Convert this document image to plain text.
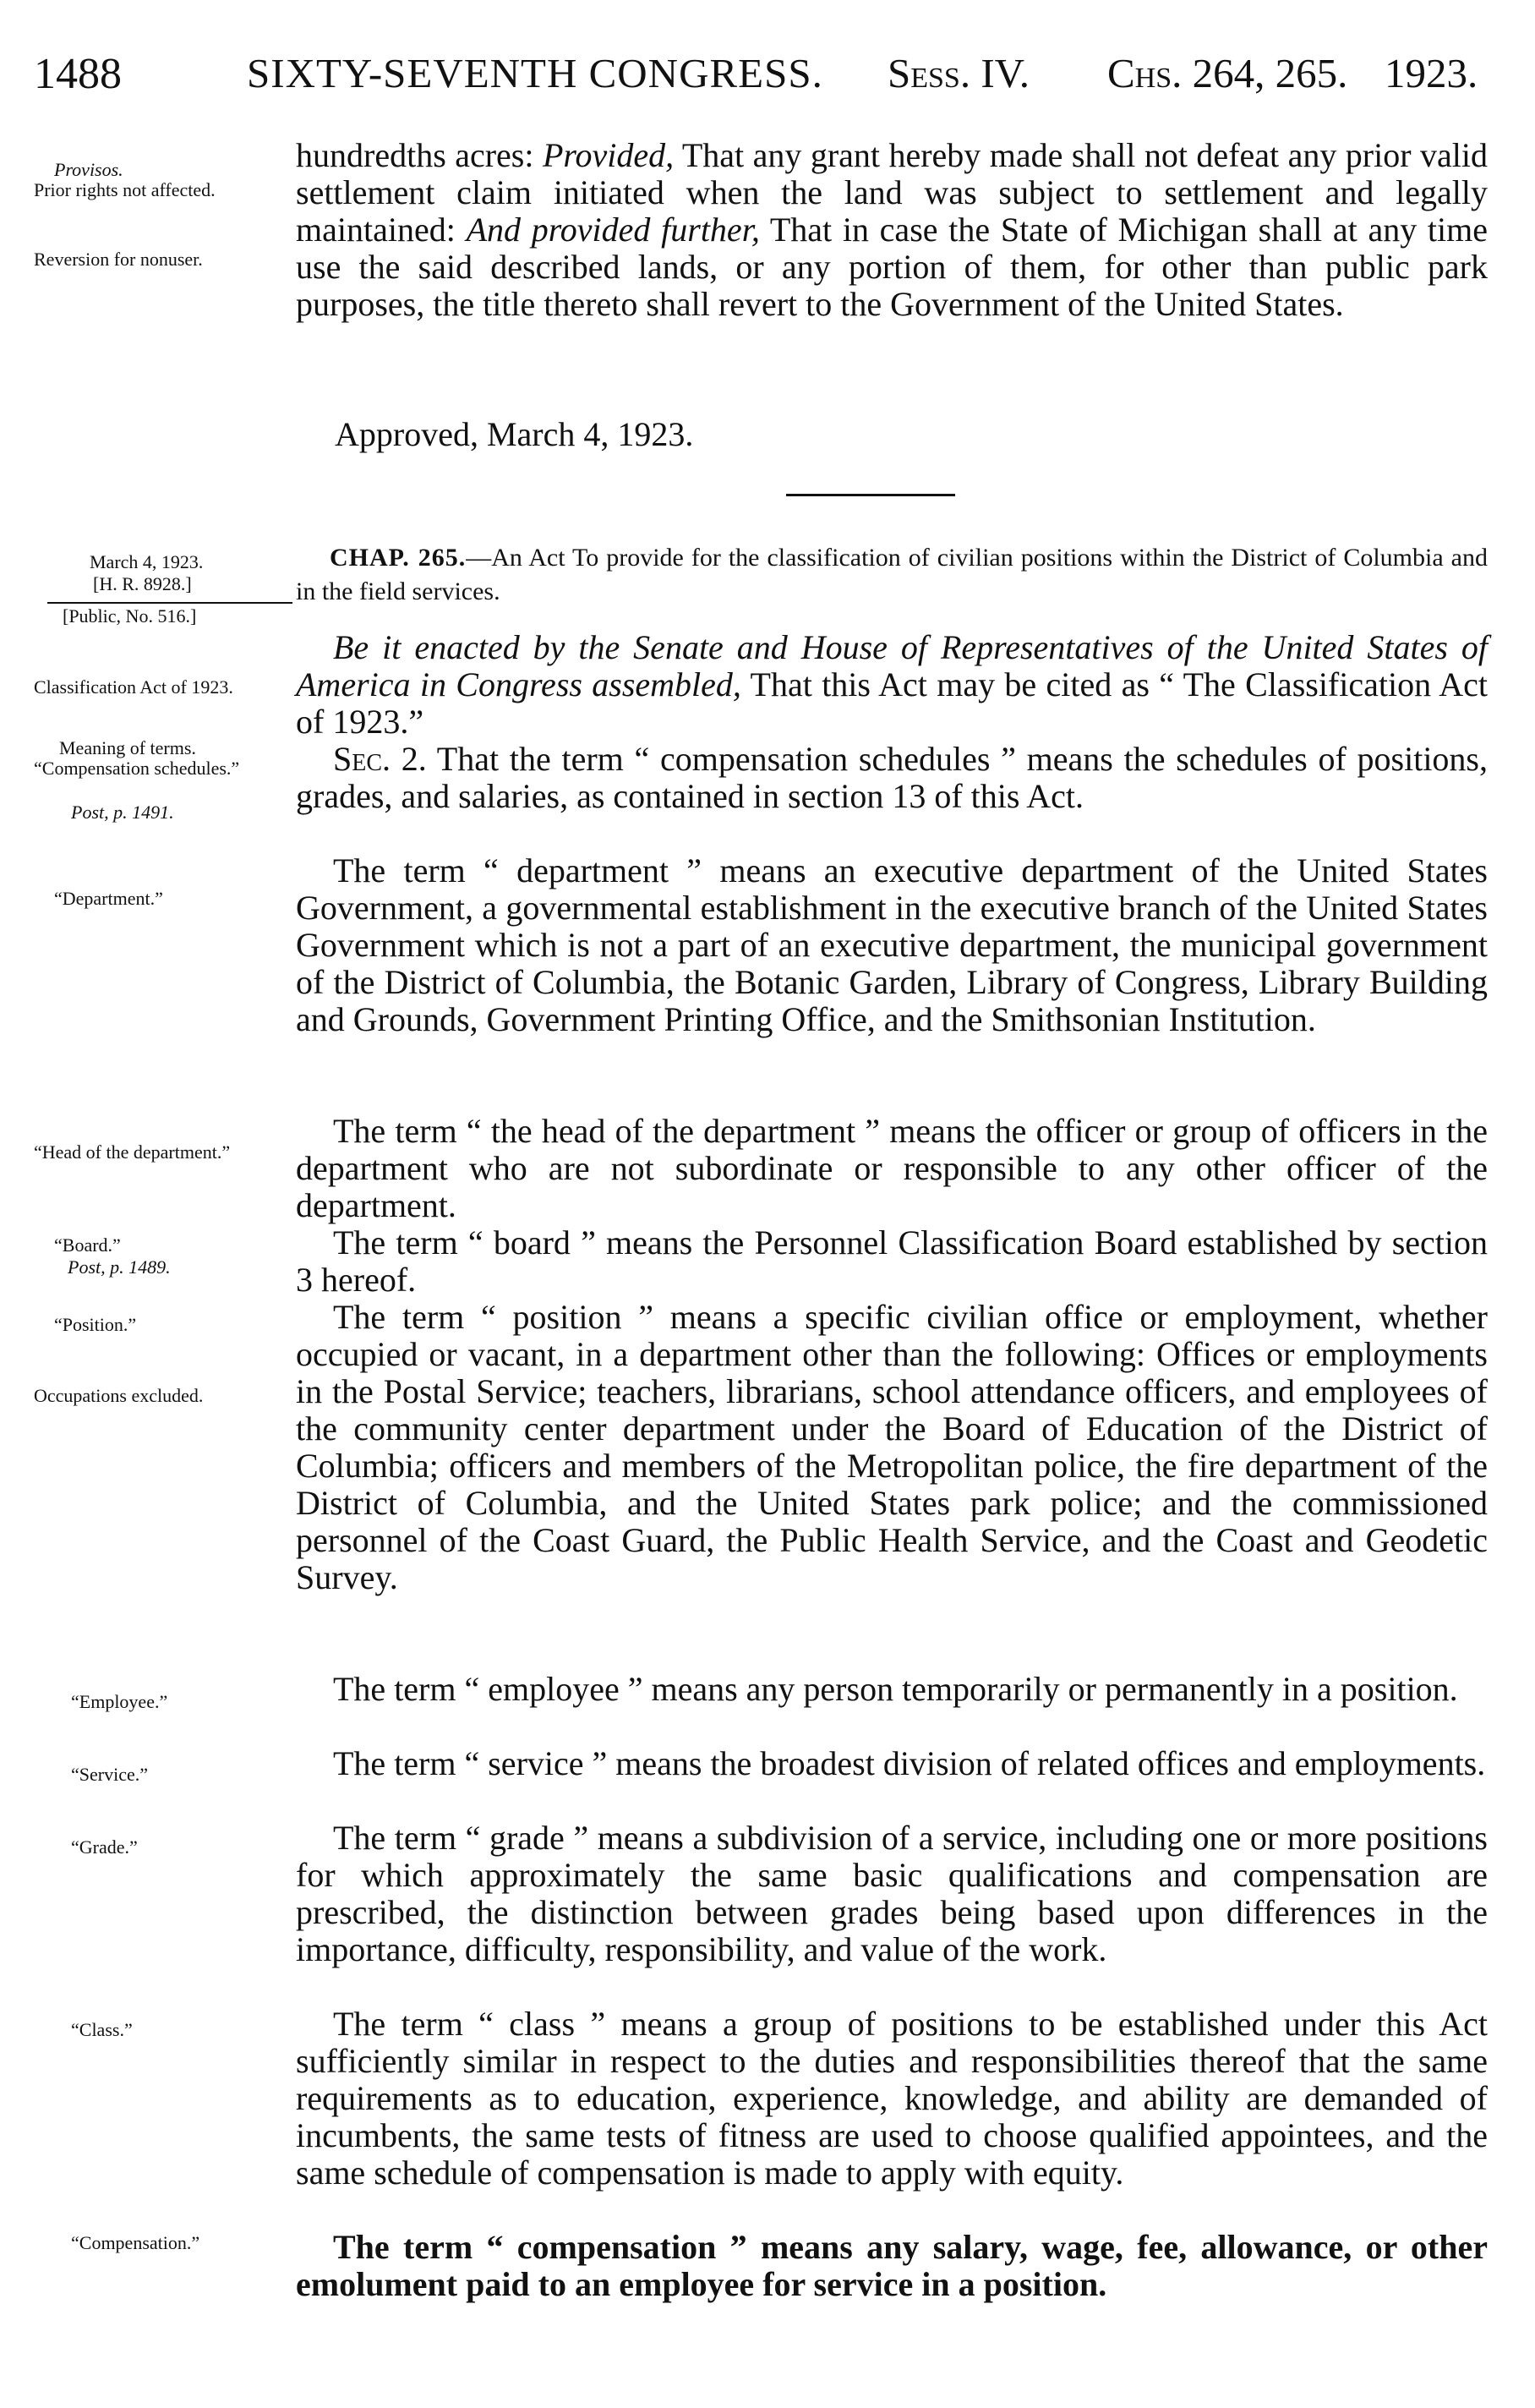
1488	SIXTY-SEVENTH CONGRESS. Sess. IV. Chs. 264, 265. 1923.
Provisos.
Prior rights not affected.
Reversion for nonuser.
March 4, 1923.
[H. R. 8928.]
[Public, No. 516.]
Classification Act of 1923.
Meaning of terms.
“Compensation schedules.”
Post, p. 1491.
“Department.”
“Head of the department.”
“Board.”
Post, p. 1489.
“Position.”
Occupations excluded.
“Employee.”
“Service.”
“Grade.”
“Class.”
“Compensation.”
hundredths acres: Provided, That any grant hereby made shall not defeat any prior valid settlement claim initiated when the land was subject to settlement and legally maintained: And provided further, That in case the State of Michigan shall at any time use the said described lands, or any portion of them, for other than public park purposes, the title thereto shall revert to the Government of the United States.
Approved, March 4, 1923.
CHAP. 265.—An Act To provide for the classification of civilian positions within the District of Columbia and in the field services.
Be it enacted by the Senate and House of Representatives of the United States of America in Congress assembled, That this Act may be cited as “ The Classification Act of 1923.”
Sec. 2. That the term “ compensation schedules ” means the schedules of positions, grades, and salaries, as contained in section 13 of this Act.
The term “ department ” means an executive department of the United States Government, a governmental establishment in the executive branch of the United States Government which is not a part of an executive department, the municipal government of the District of Columbia, the Botanic Garden, Library of Congress, Library Building and Grounds, Government Printing Office, and the Smithsonian Institution.
The term “ the head of the department ” means the officer or group of officers in the department who are not subordinate or responsible to any other officer of the department.
The term “ board ” means the Personnel Classification Board established by section 3 hereof.
The term “ position ” means a specific civilian office or employment, whether occupied or vacant, in a department other than the following: Offices or employments in the Postal Service; teachers, librarians, school attendance officers, and employees of the community center department under the Board of Education of the District of Columbia; officers and members of the Metropolitan police, the fire department of the District of Columbia, and the United States park police; and the commissioned personnel of the Coast Guard, the Public Health Service, and the Coast and Geodetic Survey.
The term “ employee ” means any person temporarily or permanently in a position.
The term “ service ” means the broadest division of related offices and employments.
The term “ grade ” means a subdivision of a service, including one or more positions for which approximately the same basic qualifications and compensation are prescribed, the distinction between grades being based upon differences in the importance, difficulty, responsibility, and value of the work.
The term “ class ” means a group of positions to be established under this Act sufficiently similar in respect to the duties and responsibilities thereof that the same requirements as to education, experience, knowledge, and ability are demanded of incumbents, the same tests of fitness are used to choose qualified appointees, and the same schedule of compensation is made to apply with equity.
The term “ compensation ” means any salary, wage, fee, allowance, or other emolument paid to an employee for service in a position.
